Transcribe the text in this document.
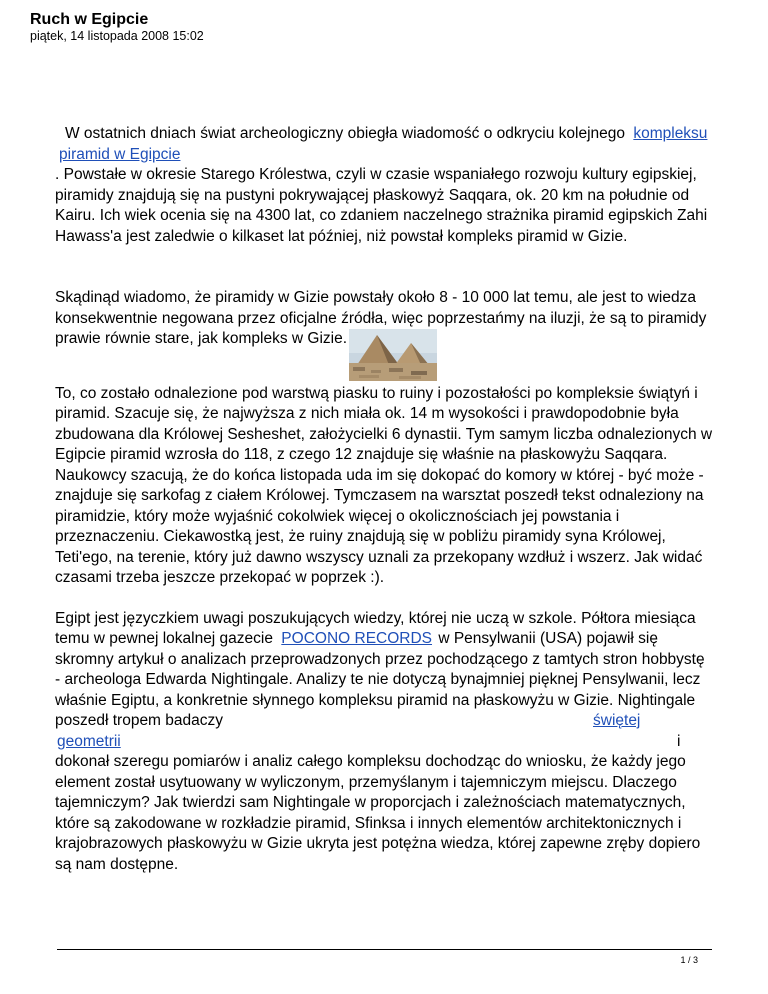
Ruch w Egipcie
piątek, 14 listopada 2008 15:02
W ostatnich dniach świat archeologiczny obiegła wiadomość o odkryciu kolejnego kompleksu
piramid w Egipcie
. Powstałe w okresie Starego Królestwa, czyli w czasie wspaniałego rozwoju kultury egipskiej,
piramidy znajdują się na pustyni pokrywającej płaskowyż Saqqara, ok. 20 km na południe od
Kairu. Ich wiek ocenia się na 4300 lat, co zdaniem naczelnego strażnika piramid egipskich Zahi
Hawass'a jest zaledwie o kilkaset lat później, niż powstał kompleks piramid w Gizie.
Skądinąd wiadomo, że piramidy w Gizie powstały około 8 - 10 000 lat temu, ale jest to wiedza
konsekwentnie negowana przez oficjalne źródła, więc poprzestańmy na iluzji, że są to piramidy
prawie równie stare, jak kompleks w Gizie.
To, co zostało odnalezione pod warstwą piasku to ruiny i pozostałości po kompleksie świątyń i
piramid. Szacuje się, że najwyższa z nich miała ok. 14 m wysokości i prawdopodobnie była
zbudowana dla Królowej Sesheshet, założycielki 6 dynastii. Tym samym liczba odnalezionych w
Egipcie piramid wzrosła do 118, z czego 12 znajduje się właśnie na płaskowyżu Saqqara.
Naukowcy szacują, że do końca listopada uda im się dokopać do komory w której - być może -
znajduje się sarkofag z ciałem Królowej. Tymczasem na warsztat poszedł tekst odnaleziony na
piramidzie, który może wyjaśnić cokolwiek więcej o okolicznościach jej powstania i
przeznaczeniu. Ciekawostką jest, że ruiny znajdują się w pobliżu piramidy syna Królowej,
Teti'ego, na terenie, który już dawno wszyscy uznali za przekopany wzdłuż i wszerz. Jak widać
czasami trzeba jeszcze przekopać w poprzek :).
Egipt jest języczkiem uwagi poszukujących wiedzy, której nie uczą w szkole. Półtora miesiąca
temu w pewnej lokalnej gazecie POCONO RECORDS w Pensylwanii (USA) pojawił się
skromny artykuł o analizach przeprowadzonych przez pochodzącego z tamtych stron hobbystę
- archeologa Edwarda Nightingale. Analizy te nie dotyczą bynajmniej pięknej Pensylwanii, lecz
właśnie Egiptu, a konkretnie słynnego kompleksu piramid na płaskowyżu w Gizie. Nightingale
poszedł tropem badaczy	świętej
geometrii	i
dokonał szeregu pomiarów i analiz całego kompleksu dochodząc do wniosku, że każdy jego
element został usytuowany w wyliczonym, przemyślanym i tajemniczym miejscu. Dlaczego
tajemniczym? Jak twierdzi sam Nightingale w proporcjach i zależnościach matematycznych,
które są zakodowane w rozkładzie piramid, Sfinksa i innych elementów architektonicznych i
krajobrazowych płaskowyżu w Gizie ukryta jest potężna wiedza, której zapewne zręby dopiero
są nam dostępne.
1 / 3
